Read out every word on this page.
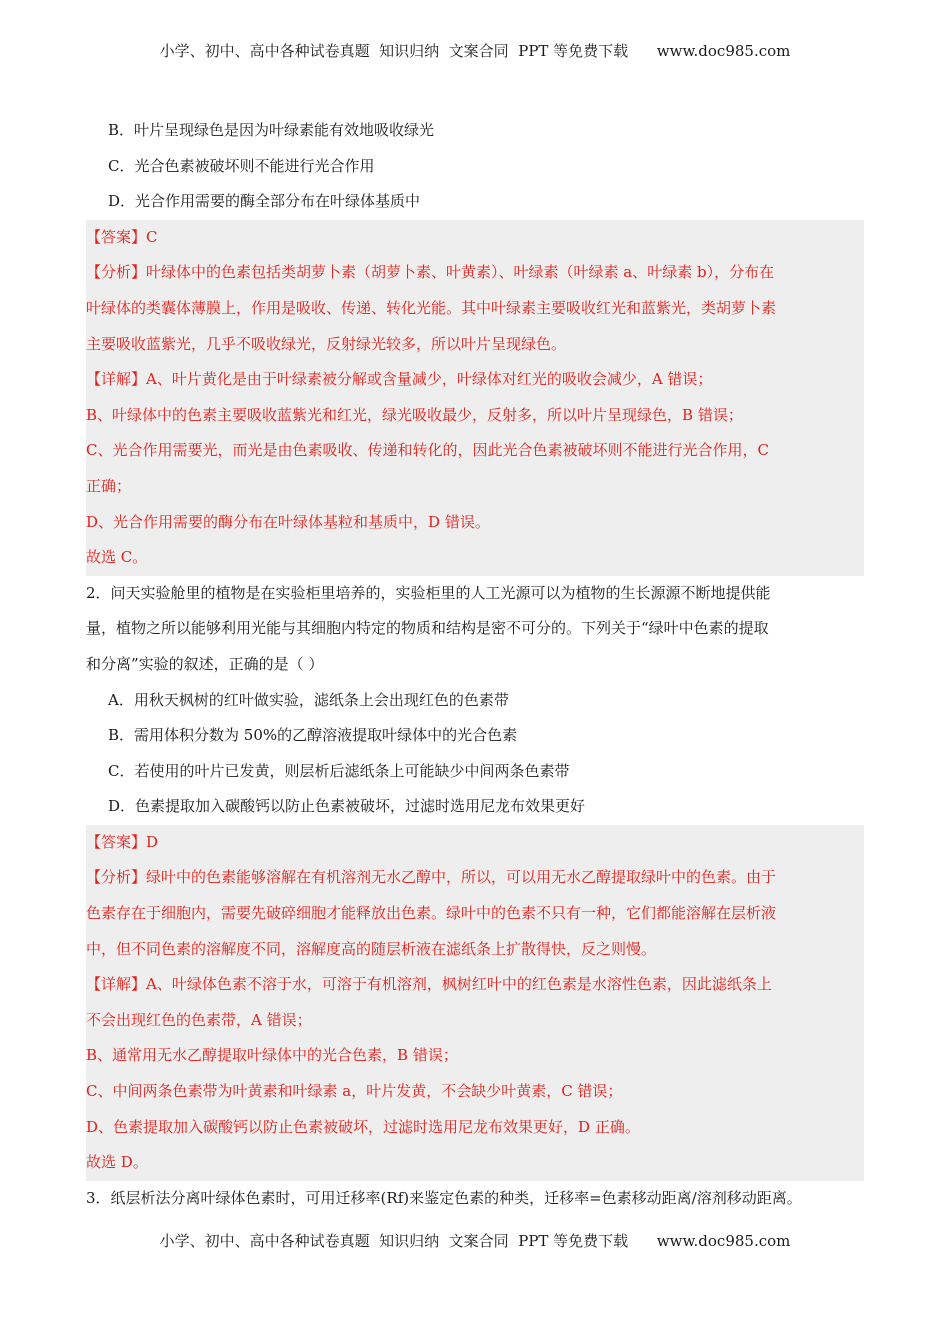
小学、初中、高中各种试卷真题  知识归纳  文案合同  PPT 等免费下载      www.doc985.com
B．叶片呈现绿色是因为叶绿素能有效地吸收绿光
C．光合色素被破坏则不能进行光合作用
D．光合作用需要的酶全部分布在叶绿体基质中
【答案】C
【分析】叶绿体中的色素包括类胡萝卜素（胡萝卜素、叶黄素）、叶绿素（叶绿素 a、叶绿素 b），分布在
叶绿体的类囊体薄膜上，作用是吸收、传递、转化光能。其中叶绿素主要吸收红光和蓝紫光，类胡萝卜素
主要吸收蓝紫光，几乎不吸收绿光，反射绿光较多，所以叶片呈现绿色。
【详解】A、叶片黄化是由于叶绿素被分解或含量减少，叶绿体对红光的吸收会减少，A 错误；
B、叶绿体中的色素主要吸收蓝紫光和红光，绿光吸收最少，反射多，所以叶片呈现绿色，B 错误；
C、光合作用需要光，而光是由色素吸收、传递和转化的，因此光合色素被破坏则不能进行光合作用，C
正确；
D、光合作用需要的酶分布在叶绿体基粒和基质中，D 错误。
故选 C。
2．问天实验舱里的植物是在实验柜里培养的，实验柜里的人工光源可以为植物的生长源源不断地提供能
量，植物之所以能够利用光能与其细胞内特定的物质和结构是密不可分的。下列关于“绿叶中色素的提取
和分离”实验的叙述，正确的是（ ）
A．用秋天枫树的红叶做实验，滤纸条上会出现红色的色素带
B．需用体积分数为 50%的乙醇溶液提取叶绿体中的光合色素
C．若使用的叶片已发黄，则层析后滤纸条上可能缺少中间两条色素带
D．色素提取加入碳酸钙以防止色素被破坏，过滤时选用尼龙布效果更好
【答案】D
【分析】绿叶中的色素能够溶解在有机溶剂无水乙醇中，所以，可以用无水乙醇提取绿叶中的色素。由于
色素存在于细胞内，需要先破碎细胞才能释放出色素。绿叶中的色素不只有一种，它们都能溶解在层析液
中，但不同色素的溶解度不同，溶解度高的随层析液在滤纸条上扩散得快，反之则慢。
【详解】A、叶绿体色素不溶于水，可溶于有机溶剂，枫树红叶中的红色素是水溶性色素，因此滤纸条上
不会出现红色的色素带，A 错误；
B、通常用无水乙醇提取叶绿体中的光合色素，B 错误；
C、中间两条色素带为叶黄素和叶绿素 a，叶片发黄，不会缺少叶黄素，C 错误；
D、色素提取加入碳酸钙以防止色素被破坏，过滤时选用尼龙布效果更好，D 正确。
故选 D。
3．纸层析法分离叶绿体色素时，可用迁移率(Rf)来鉴定色素的种类，迁移率=色素移动距离/溶剂移动距离。
小学、初中、高中各种试卷真题  知识归纳  文案合同  PPT 等免费下载      www.doc985.com
